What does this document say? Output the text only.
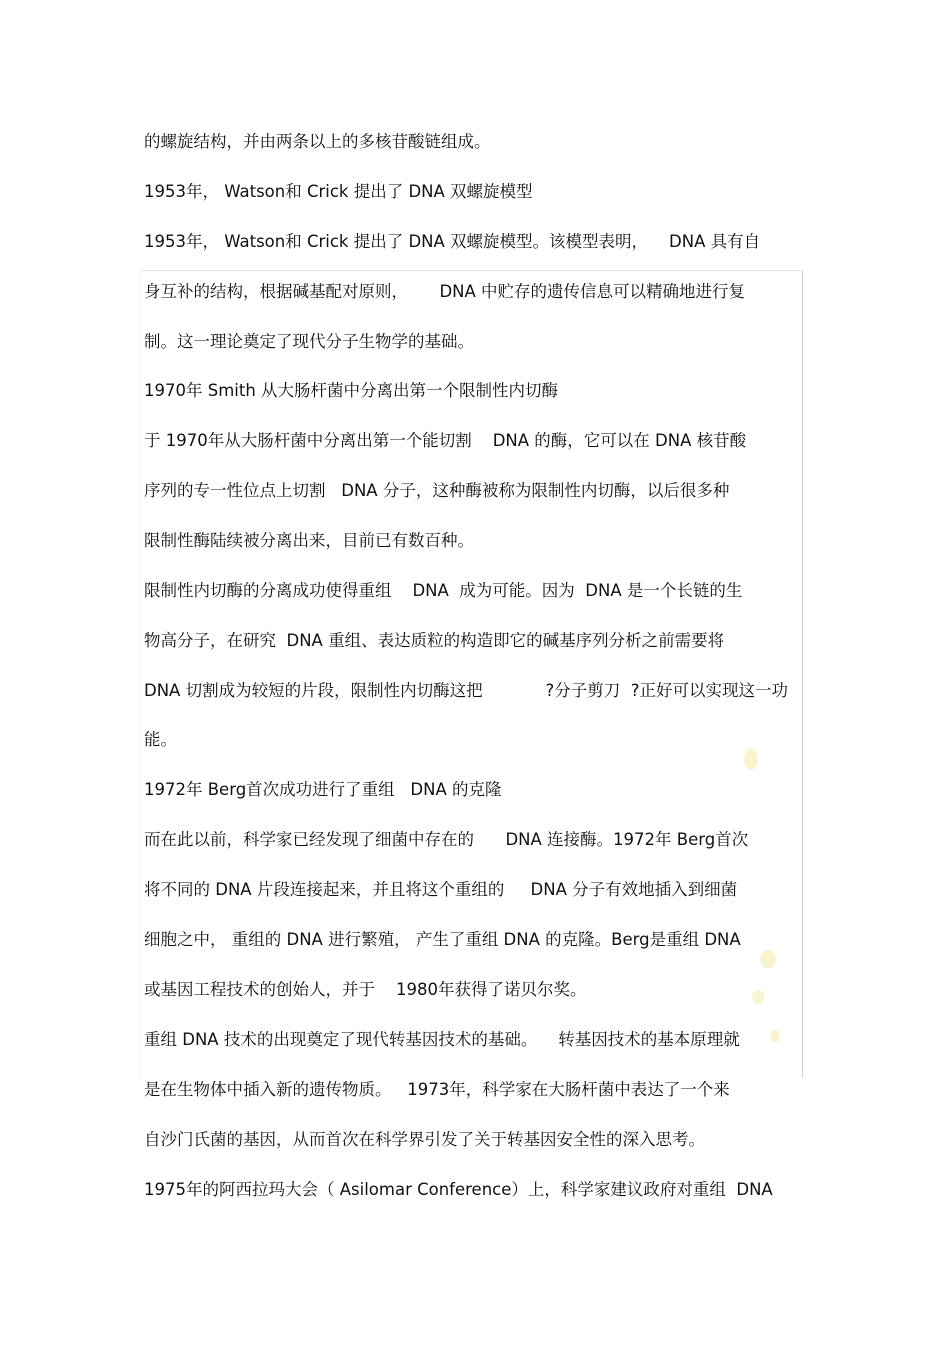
的螺旋结构，并由两条以上的多核苷酸链组成。

1953年， Watson和 Crick 提出了 DNA 双螺旋模型

1953年， Watson和 Crick 提出了 DNA 双螺旋模型。该模型表明，    DNA 具有自

身互补的结构，根据碱基配对原则，      DNA 中贮存的遗传信息可以精确地进行复

制。这一理论奠定了现代分子生物学的基础。

1970年 Smith 从大肠杆菌中分离出第一个限制性内切酶

于 1970年从大肠杆菌中分离出第一个能切割    DNA 的酶，它可以在 DNA 核苷酸

序列的专一性位点上切割   DNA 分子，这种酶被称为限制性内切酶，以后很多种

限制性酶陆续被分离出来，目前已有数百种。

限制性内切酶的分离成功使得重组    DNA  成为可能。因为  DNA 是一个长链的生

物高分子，在研究  DNA 重组、表达质粒的构造即它的碱基序列分析之前需要将

DNA 切割成为较短的片段，限制性内切酶这把            ?分子剪刀  ?正好可以实现这一功

能。

1972年 Berg首次成功进行了重组   DNA 的克隆

而在此以前，科学家已经发现了细菌中存在的      DNA 连接酶。1972年 Berg首次

将不同的 DNA 片段连接起来，并且将这个重组的     DNA 分子有效地插入到细菌

细胞之中， 重组的 DNA 进行繁殖， 产生了重组 DNA 的克隆。Berg是重组 DNA

或基因工程技术的创始人，并于    1980年获得了诺贝尔奖。

重组 DNA 技术的出现奠定了现代转基因技术的基础。    转基因技术的基本原理就

是在生物体中插入新的遗传物质。   1973年，科学家在大肠杆菌中表达了一个来

自沙门氏菌的基因，从而首次在科学界引发了关于转基因安全性的深入思考。

1975年的阿西拉玛大会（ Asilomar Conference）上，科学家建议政府对重组  DNA
